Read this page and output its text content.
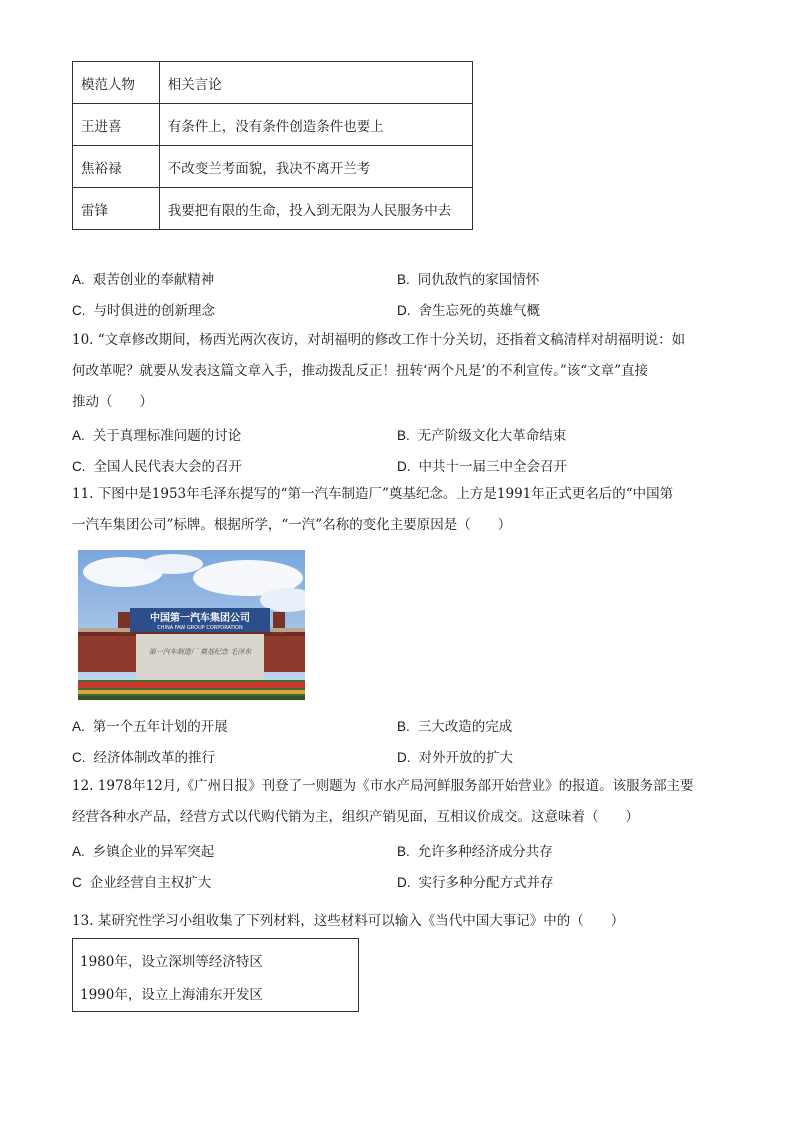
模范人物	相关言论
王进喜	有条件上，没有条件创造条件也要上
焦裕禄	不改变兰考面貌，我决不离开兰考
雷锋	我要把有限的生命，投入到无限为人民服务中去
A. 艰苦创业的奉献精神	B. 同仇敌忾的家国情怀
C. 与时俱进的创新理念	D. 舍生忘死的英雄气概
10. “文章修改期间，杨西光两次夜访，对胡福明的修改工作十分关切，还指着文稿清样对胡福明说：如
何改革呢？就要从发表这篇文章入手，推动拨乱反正！扭转‘两个凡是’的不利宣传。”该“文章”直接
推动（　　）
A. 关于真理标准问题的讨论	B. 无产阶级文化大革命结束
C. 全国人民代表大会的召开	D. 中共十一届三中全会召开
11. 下图中是1953年毛泽东提写的“第一汽车制造厂”奠基纪念。上方是1991年正式更名后的“中国第
一汽车集团公司”标牌。根据所学，“一汽”名称的变化主要原因是（　　）
中国第一汽车集团公司
CHINA FAW GROUP CORPORATION
第一汽车制造厂 奠基纪念 毛泽东
A. 第一个五年计划的开展	B. 三大改造的完成
C. 经济体制改革的推行	D. 对外开放的扩大
12. 1978年12月,《广州日报》刊登了一则题为《市水产局河鲜服务部开始营业》的报道。该服务部主要
经营各种水产品，经营方式以代购代销为主，组织产销见面，互相议价成交。这意味着（　　）
A. 乡镇企业的异军突起	B. 允许多种经济成分共存
C 企业经营自主权扩大	D. 实行多种分配方式并存
13. 某研究性学习小组收集了下列材料，这些材料可以输入《当代中国大事记》中的（　　）
1980年，设立深圳等经济特区
1990年，设立上海浦东开发区
